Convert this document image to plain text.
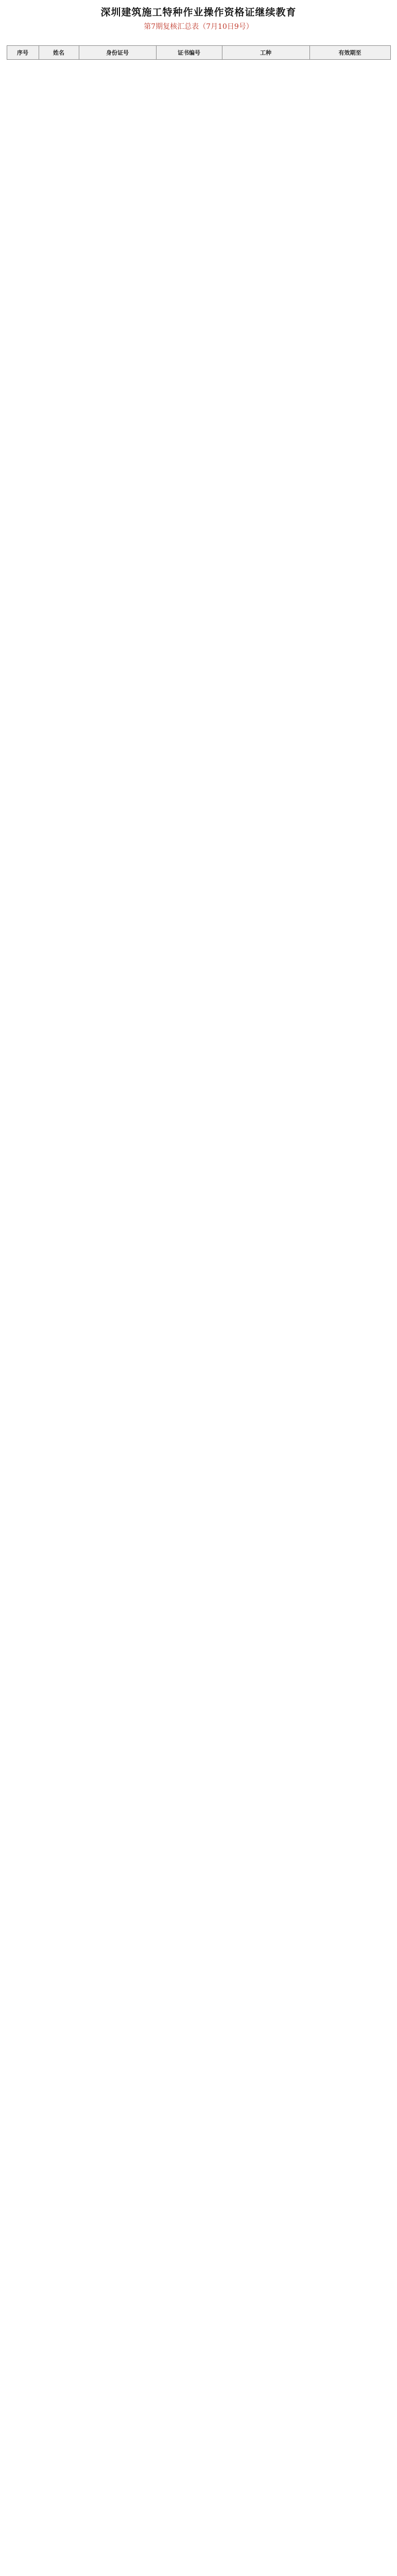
深圳建筑施工特种作业操作资格证继续教育

第7期复核汇总表（7月10日9号）

序号	姓名	身份证号	证书编号	工种	有效期至
